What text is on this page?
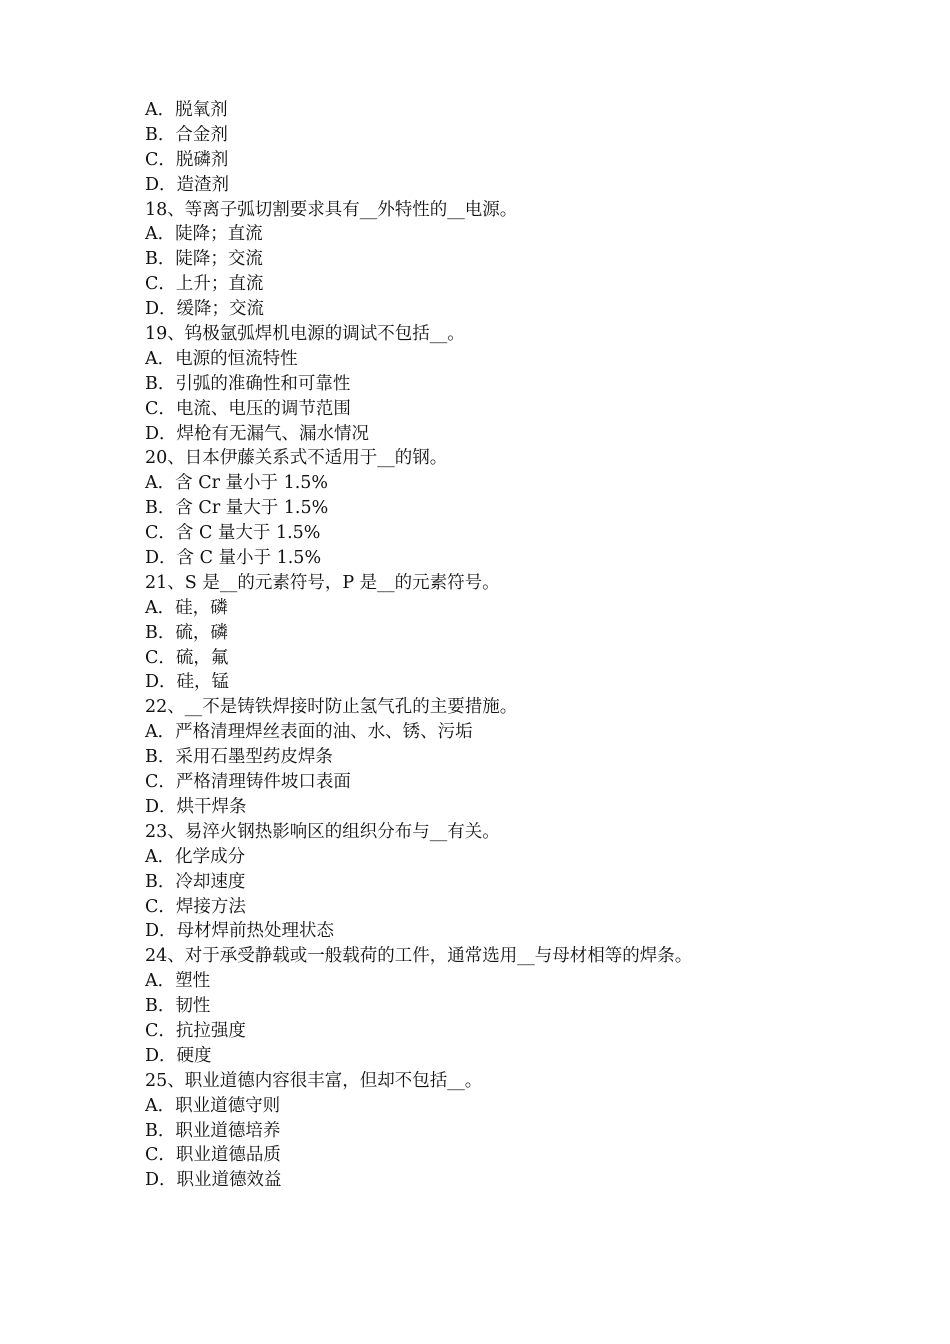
A．脱氧剂
B．合金剂
C．脱磷剂
D．造渣剂
18、等离子弧切割要求具有__外特性的__电源。
A．陡降；直流
B．陡降；交流
C．上升；直流
D．缓降；交流
19、钨极氩弧焊机电源的调试不包括__。
A．电源的恒流特性
B．引弧的准确性和可靠性
C．电流、电压的调节范围
D．焊枪有无漏气、漏水情况
20、日本伊藤关系式不适用于__的钢。
A．含 Cr 量小于 1.5%
B．含 Cr 量大于 1.5%
C．含 C 量大于 1.5%
D．含 C 量小于 1.5%
21、S 是__的元素符号，P 是__的元素符号。
A．硅，磷
B．硫，磷
C．硫，氟
D．硅，锰
22、__不是铸铁焊接时防止氢气孔的主要措施。
A．严格清理焊丝表面的油、水、锈、污垢
B．采用石墨型药皮焊条
C．严格清理铸件坡口表面
D．烘干焊条
23、易淬火钢热影响区的组织分布与__有关。
A．化学成分
B．冷却速度
C．焊接方法
D．母材焊前热处理状态
24、对于承受静载或一般载荷的工件，通常选用__与母材相等的焊条。
A．塑性
B．韧性
C．抗拉强度
D．硬度
25、职业道德内容很丰富，但却不包括__。
A．职业道德守则
B．职业道德培养
C．职业道德品质
D．职业道德效益
